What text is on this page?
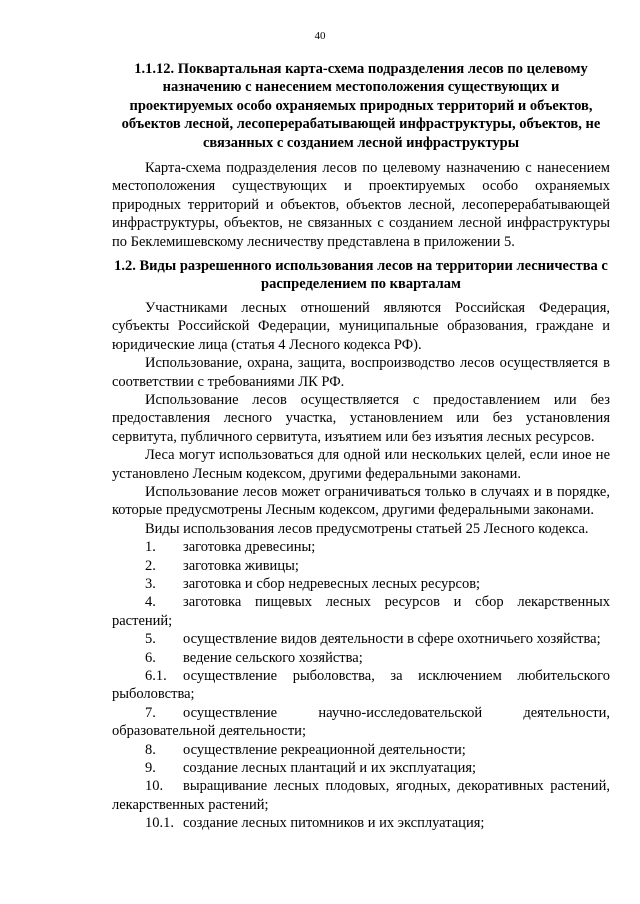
40

1.1.12. Поквартальная карта-схема подразделения лесов по целевому назначению с нанесением местоположения существующих и проектируемых особо охраняемых природных территорий и объектов, объектов лесной, лесоперерабатывающей инфраструктуры, объектов, не связанных с созданием лесной инфраструктуры

Карта-схема подразделения лесов по целевому назначению с нанесением местоположения существующих и проектируемых особо охраняемых природных территорий и объектов, объектов лесной, лесоперерабатывающей инфраструктуры, объектов, не связанных с созданием лесной инфраструктуры по Беклемишевскому лесничеству представлена в приложении 5.

1.2. Виды разрешенного использования лесов на территории лесничества с распределением по кварталам

Участниками лесных отношений являются Российская Федерация, субъекты Российской Федерации, муниципальные образования, граждане и юридические лица (статья 4 Лесного кодекса РФ).

Использование, охрана, защита, воспроизводство лесов осуществляется в соответствии с требованиями ЛК РФ.

Использование лесов осуществляется с предоставлением или без предоставления лесного участка, установлением или без установления сервитута, публичного сервитута, изъятием или без изъятия лесных ресурсов.

Леса могут использоваться для одной или нескольких целей, если иное не установлено Лесным кодексом, другими федеральными законами.

Использование лесов может ограничиваться только в случаях и в порядке, которые предусмотрены Лесным кодексом, другими федеральными законами.

Виды использования лесов предусмотрены статьей 25 Лесного кодекса.

1. заготовка древесины;

2. заготовка живицы;

3. заготовка и сбор недревесных лесных ресурсов;

4. заготовка пищевых лесных ресурсов и сбор лекарственных растений;

5. осуществление видов деятельности в сфере охотничьего хозяйства;

6. ведение сельского хозяйства;

6.1. осуществление рыболовства, за исключением любительского рыболовства;

7. осуществление научно-исследовательской деятельности, образовательной деятельности;

8. осуществление рекреационной деятельности;

9. создание лесных плантаций и их эксплуатация;

10. выращивание лесных плодовых, ягодных, декоративных растений, лекарственных растений;

10.1. создание лесных питомников и их эксплуатация;
